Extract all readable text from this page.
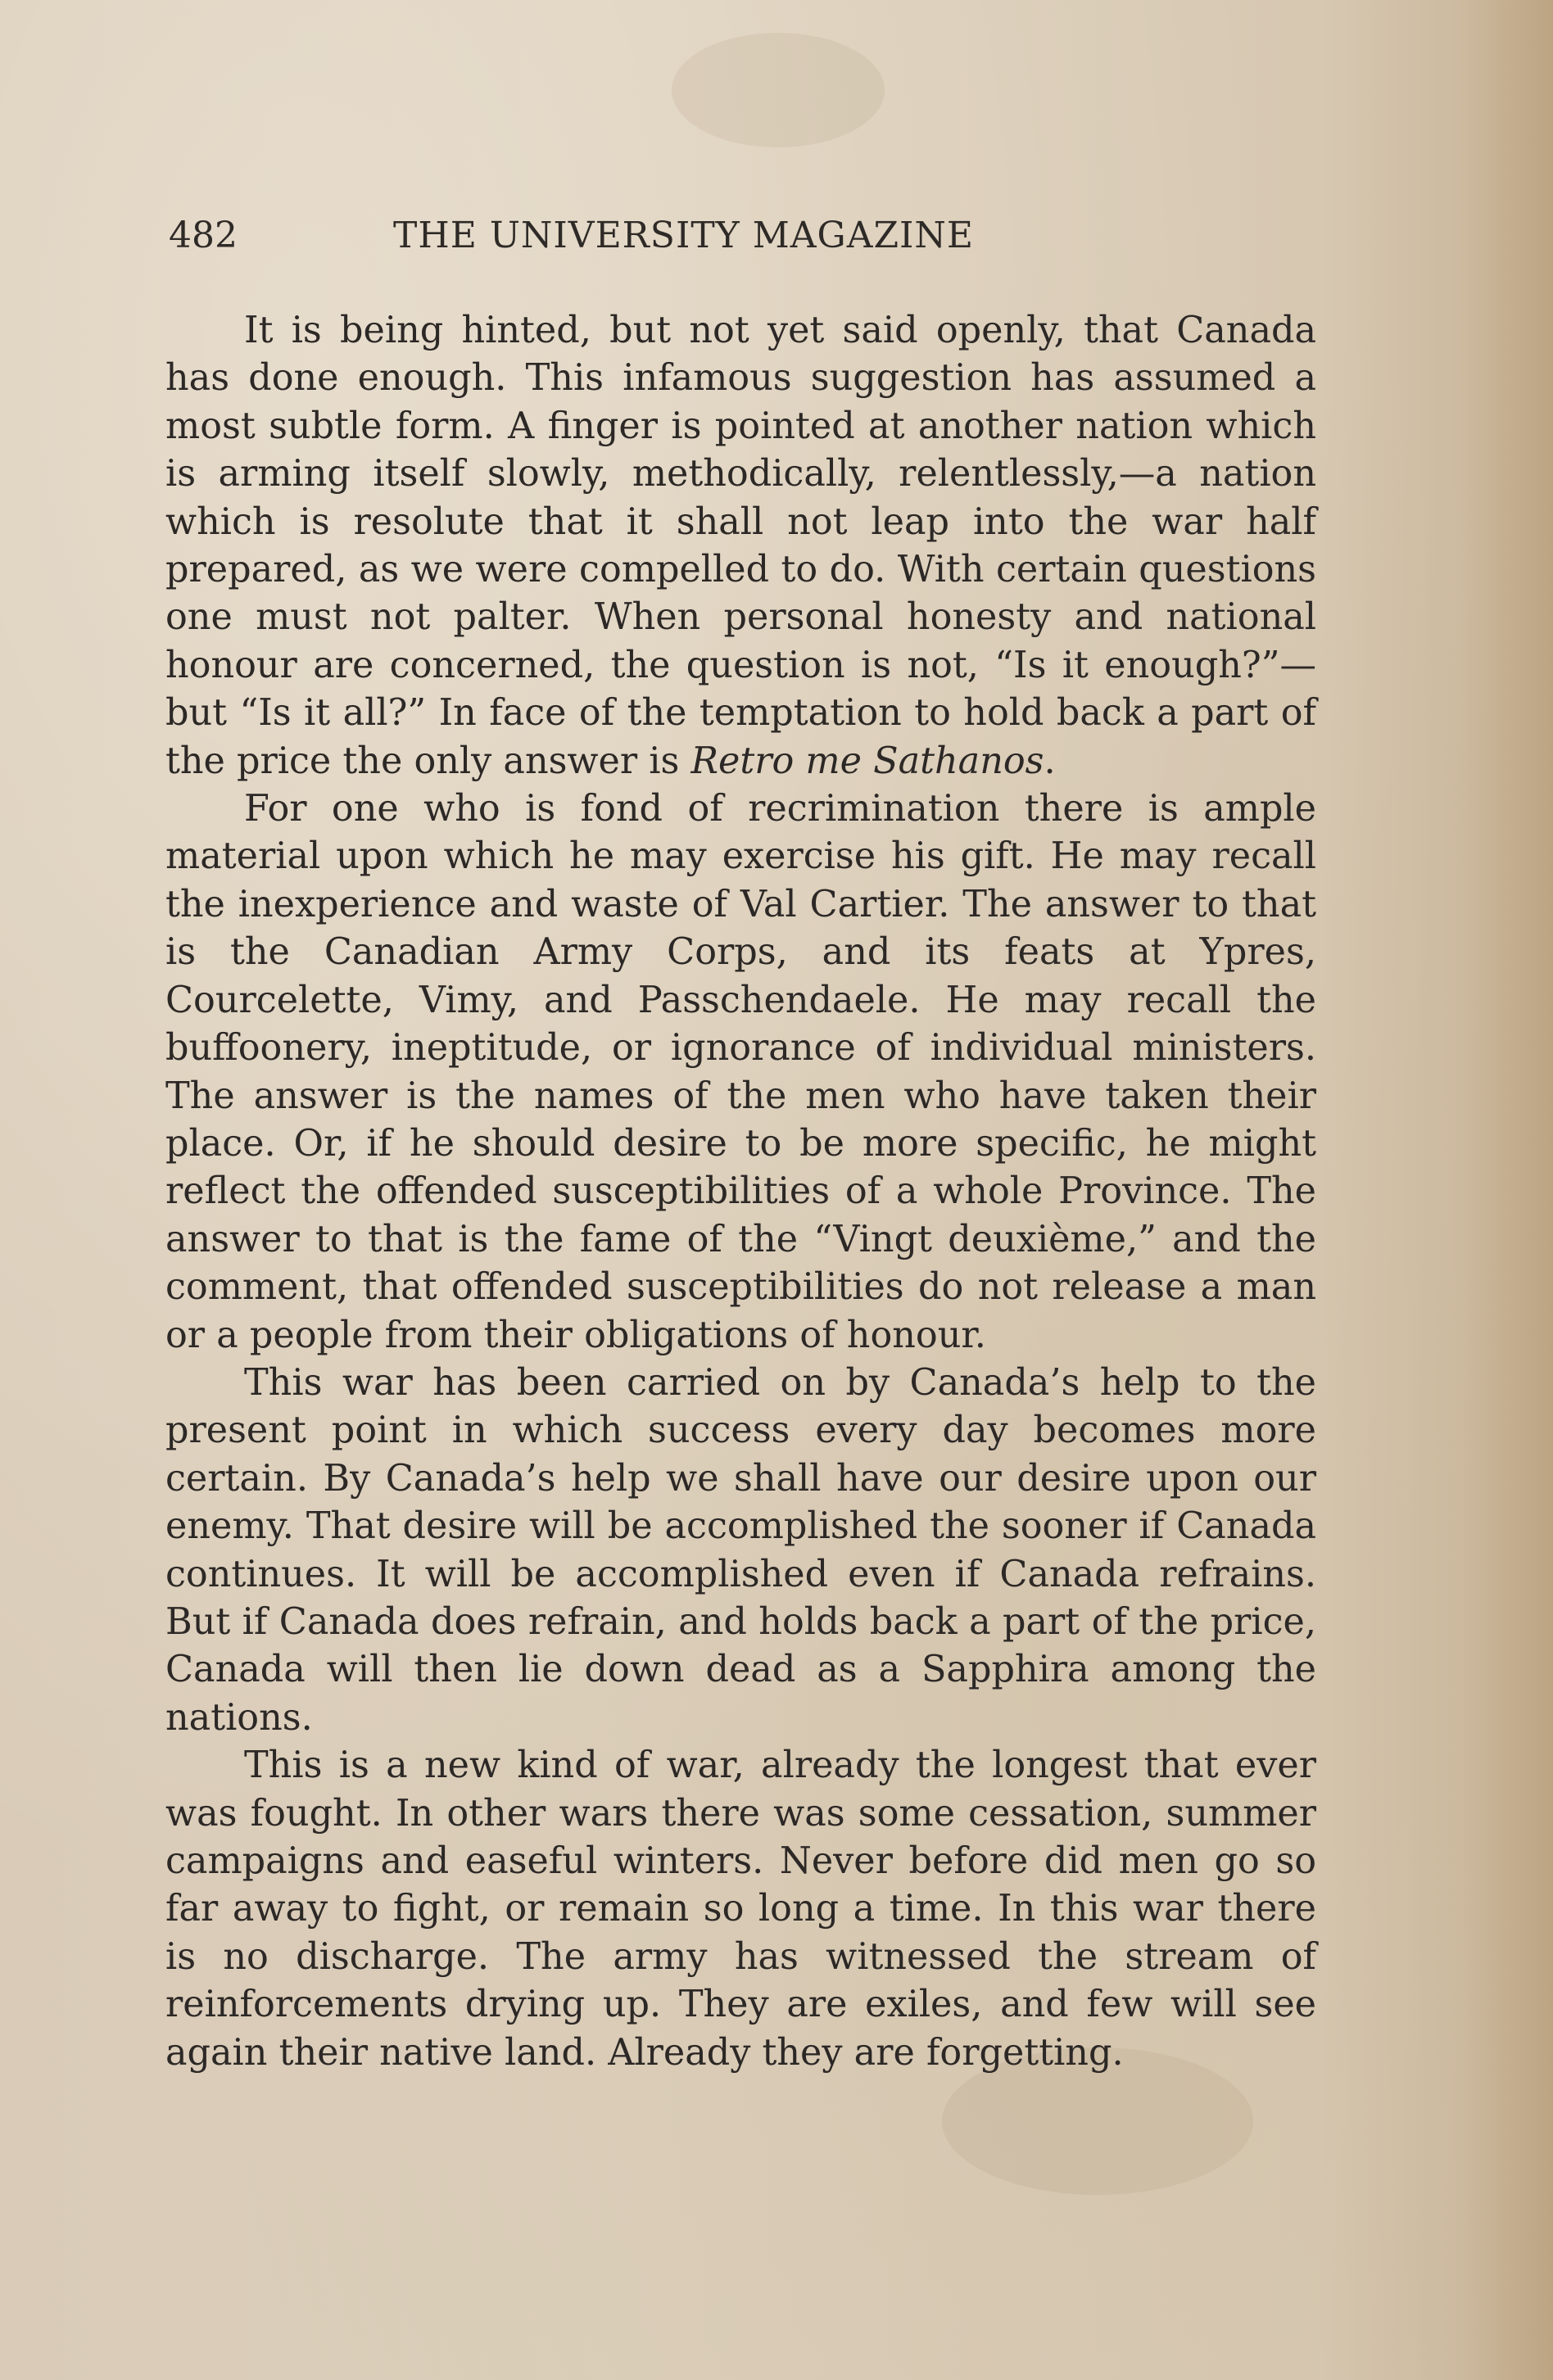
482	THE UNIVERSITY MAGAZINE

It is being hinted, but not yet said openly, that Canada has done enough. This infamous suggestion has assumed a most subtle form. A finger is pointed at another nation which is arming itself slowly, methodically, relentlessly,—a nation which is resolute that it shall not leap into the war half prepared, as we were compelled to do. With certain questions one must not palter. When personal honesty and national honour are concerned, the question is not, “Is it enough?”—but “Is it all?” In face of the temptation to hold back a part of the price the only answer is Retro me Sathanos.

For one who is fond of recrimination there is ample material upon which he may exercise his gift. He may recall the inexperience and waste of Val Cartier. The answer to that is the Canadian Army Corps, and its feats at Ypres, Courcelette, Vimy, and Passchendaele. He may recall the buffoonery, ineptitude, or ignorance of individual ministers. The answer is the names of the men who have taken their place. Or, if he should desire to be more specific, he might reflect the offended susceptibilities of a whole Province. The answer to that is the fame of the “Vingt deuxième,” and the comment, that offended susceptibilities do not release a man or a people from their obligations of honour.

This war has been carried on by Canada’s help to the present point in which success every day becomes more certain. By Canada’s help we shall have our desire upon our enemy. That desire will be accomplished the sooner if Canada continues. It will be accomplished even if Canada refrains. But if Canada does refrain, and holds back a part of the price, Canada will then lie down dead as a Sapphira among the nations.

This is a new kind of war, already the longest that ever was fought. In other wars there was some cessation, summer campaigns and easeful winters. Never before did men go so far away to fight, or remain so long a time. In this war there is no discharge. The army has witnessed the stream of reinforcements drying up. They are exiles, and few will see again their native land. Already they are forgetting.
